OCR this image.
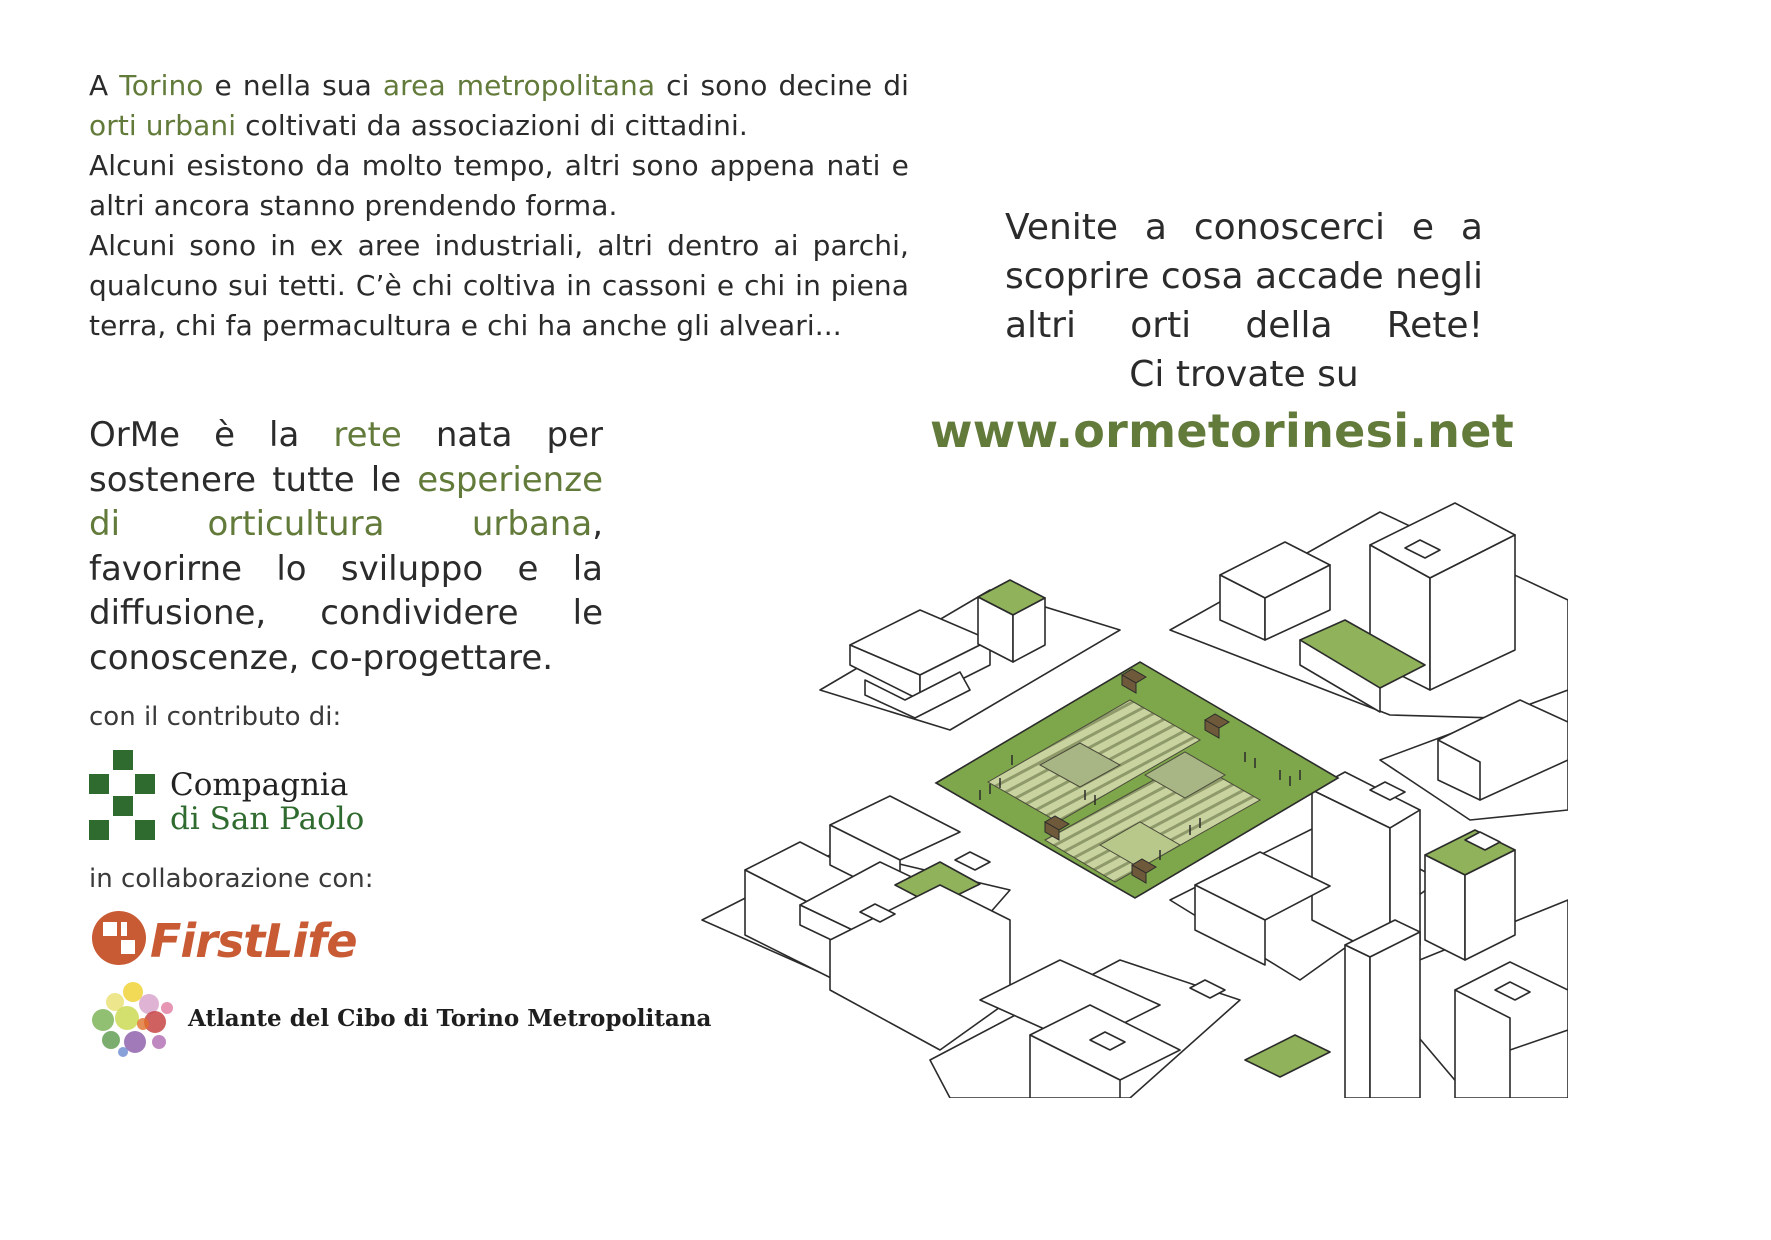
A Torino e nella sua area metropolitana ci sono decine di orti urbani coltivati da associazioni di cittadini.

Alcuni esistono da molto tempo, altri sono appena nati e altri ancora stanno prendendo forma.

Alcuni sono in ex aree industriali, altri dentro ai parchi, qualcuno sui tetti. C’è chi coltiva in cassoni e chi in piena terra, chi fa permacultura e chi ha anche gli alveari...

OrMe è la rete nata per sostenere tutte le esperienze di orticultura urbana, favorirne lo sviluppo e la diffusione, condividere le conoscenze, co-progettare.

Venite a conoscerci e a scoprire cosa accade negli altri orti della Rete!
Ci trovate su
www.ormetorinesi.net
con il contributo di:
Compagnia
di San Paolo
in collaborazione con:
FirstLife
Atlante del Cibo di Torino Metropolitana
